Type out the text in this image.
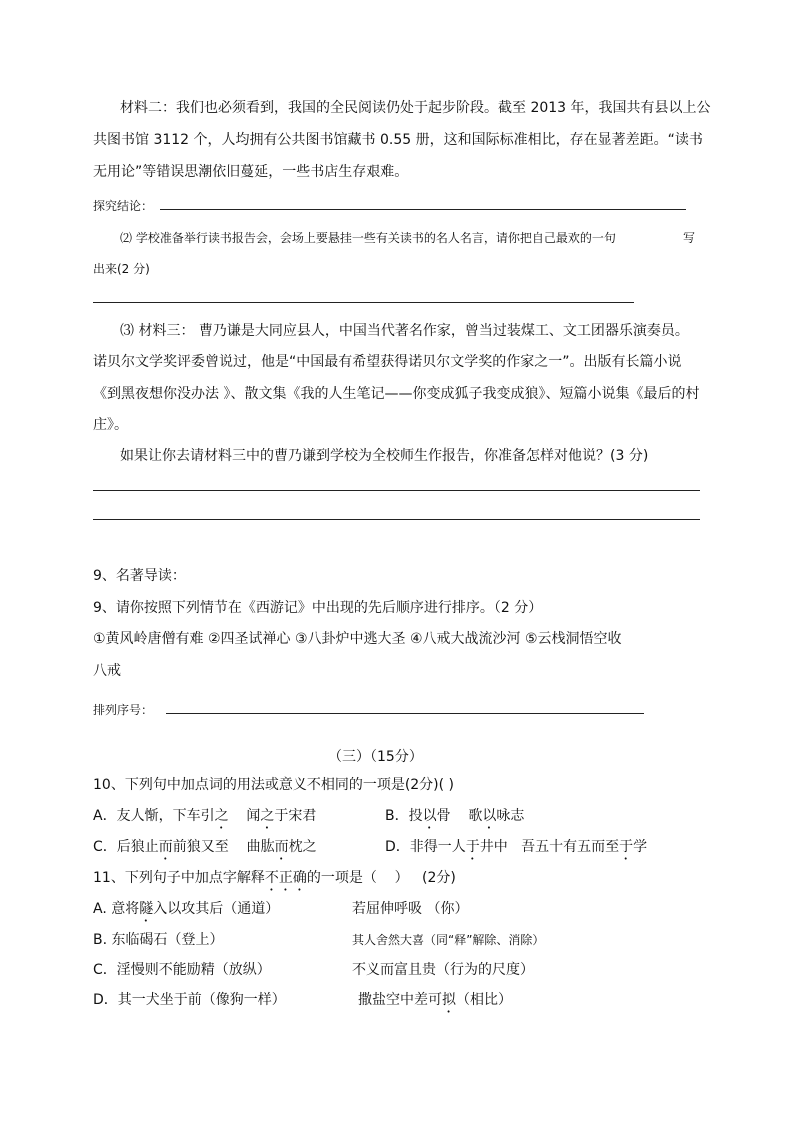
材料二：我们也必须看到，我国的全民阅读仍处于起步阶段。截至 2013 年，我国共有县以上公
共图书馆 3112 个，人均拥有公共图书馆藏书 0.55 册，这和国际标准相比，存在显著差距。“读书
无用论”等错误思潮依旧蔓延，一些书店生存艰难。
探究结论：
⑵ 学校准备举行读书报告会，会场上要悬挂一些有关读书的名人名言，请你把自己最欢的一句	写
出来(2 分)
⑶ 材料三： 曹乃谦是大同应县人，中国当代著名作家，曾当过装煤工、文工团器乐演奏员。
诺贝尔文学奖评委曾说过，他是“中国最有希望获得诺贝尔文学奖的作家之一”。出版有长篇小说
《到黑夜想你没办法 》、散文集《我的人生笔记——你变成狐子我变成狼》、短篇小说集《最后的村
庄》。
如果让你去请材料三中的曹乃谦到学校为全校师生作报告，你准备怎样对他说？(3 分)
9、名著导读：
9、请你按照下列情节在《西游记》中出现的先后顺序进行排序。（2 分）
①黄风岭唐僧有难 ②四圣试禅心 ③八卦炉中逃大圣 ④八戒大战流沙河 ⑤云栈洞悟空收
八戒
排列序号：
（三）（15分）
10、下列句中加点词的用法或意义不相同的一项是(2分)( )
A．友人惭，下车引之    闻之于宋君	B．投以骨    歌以咏志
C．后狼止而前狼又至    曲肱而枕之	D．非得一人于井中   吾五十有五而至于学
11、下列句子中加点字解释不正确的一项是（    ）   (2分)
A. 意将隧入以攻其后（通道）	若屈伸呼吸 （你）
B. 东临碣石（登上）	其人舍然大喜（同“释”解除、消除）
C．淫慢则不能励精（放纵）	不义而富且贵（行为的尺度）
D．其一犬坐于前（像狗一样）	撒盐空中差可拟（相比）
